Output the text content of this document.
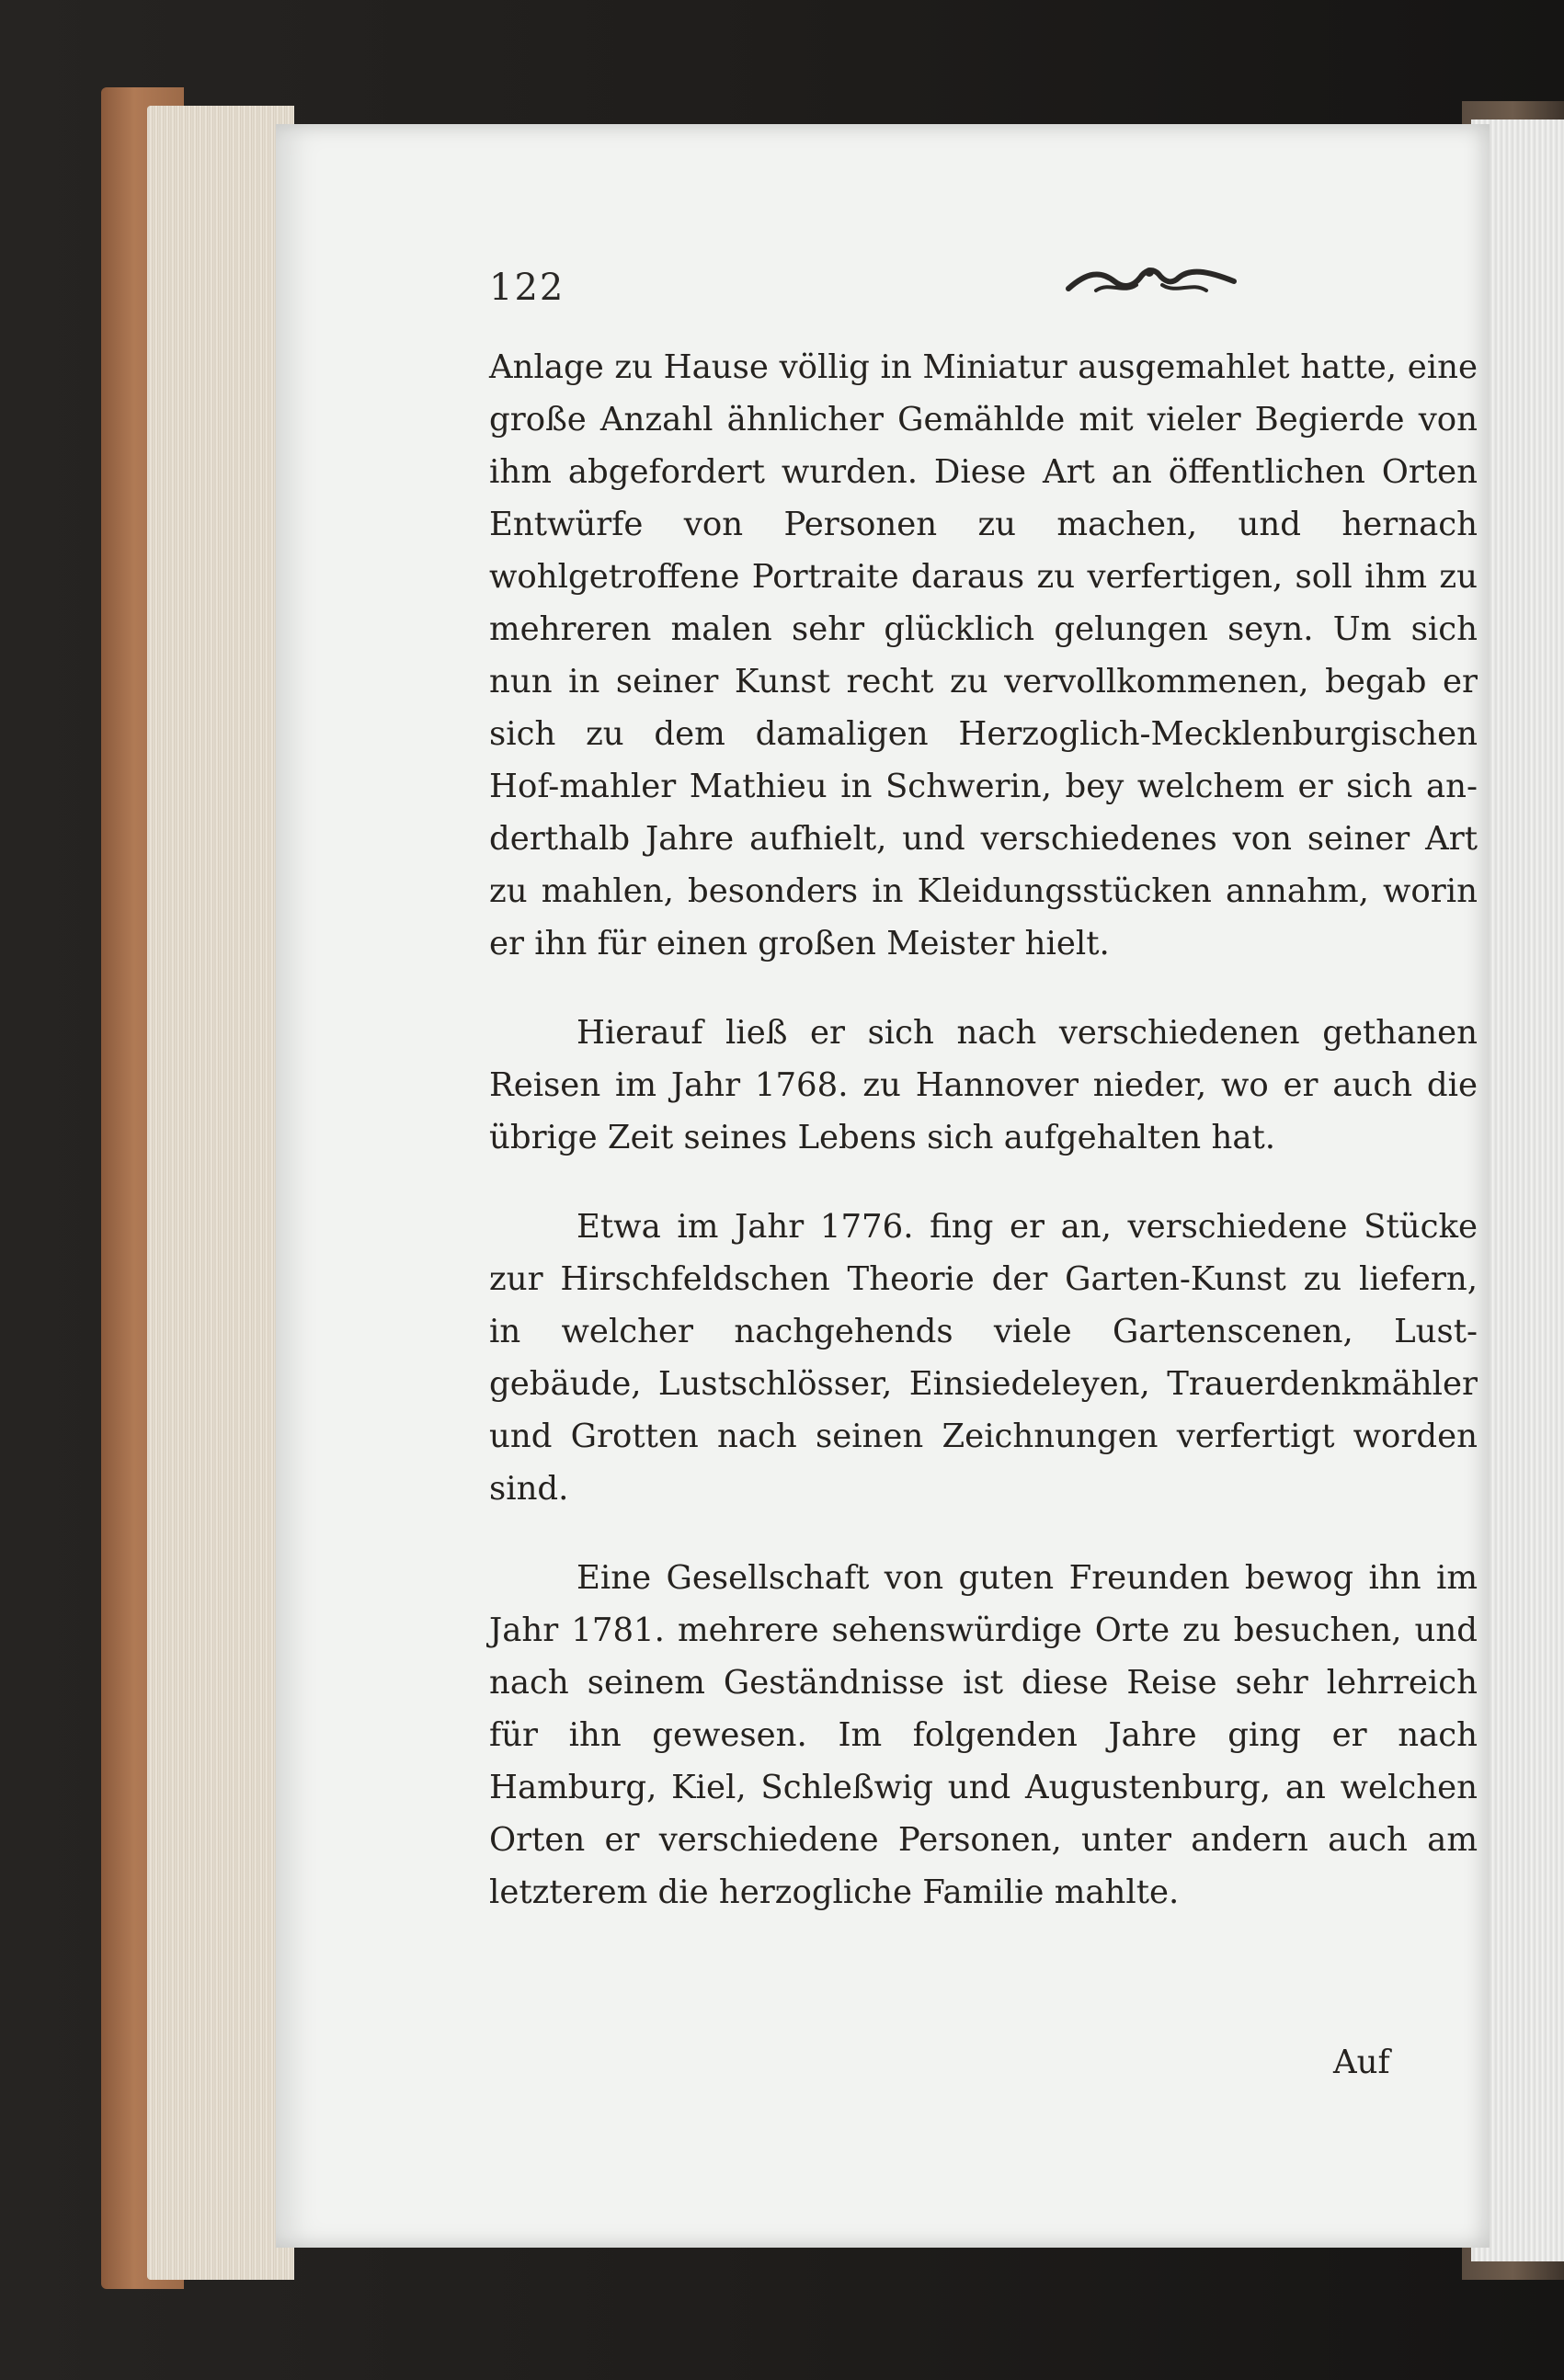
122

Anlage zu Hause völlig in Miniatur ausgemahlet hatte, eine große Anzahl ähnlicher Gemählde mit vieler Begierde von ihm abgefordert wurden. Diese Art an öffentlichen Orten Entwürfe von Personen zu machen, und hernach wohlgetroffene Portraite daraus zu verfertigen, soll ihm zu mehreren malen sehr glücklich gelungen seyn. Um sich nun in seiner Kunst recht zu vervollkommenen, begab er sich zu dem damaligen Herzoglich-Mecklenburgischen Hof-mahler Mathieu in Schwerin, bey welchem er sich an-derthalb Jahre aufhielt, und verschiedenes von seiner Art zu mahlen, besonders in Kleidungsstücken annahm, worin er ihn für einen großen Meister hielt.

Hierauf ließ er sich nach verschiedenen gethanen Reisen im Jahr 1768. zu Hannover nieder, wo er auch die übrige Zeit seines Lebens sich aufgehalten hat.

Etwa im Jahr 1776. fing er an, verschiedene Stücke zur Hirschfeldschen Theorie der Garten-Kunst zu liefern, in welcher nachgehends viele Gartenscenen, Lust-gebäude, Lustschlösser, Einsiedeleyen, Trauerdenkmähler und Grotten nach seinen Zeichnungen verfertigt worden sind.

Eine Gesellschaft von guten Freunden bewog ihn im Jahr 1781. mehrere sehenswürdige Orte zu besuchen, und nach seinem Geständnisse ist diese Reise sehr lehrreich für ihn gewesen. Im folgenden Jahre ging er nach Hamburg, Kiel, Schleßwig und Augustenburg, an welchen Orten er verschiedene Personen, unter andern auch am letzterem die herzogliche Familie mahlte.

Auf
